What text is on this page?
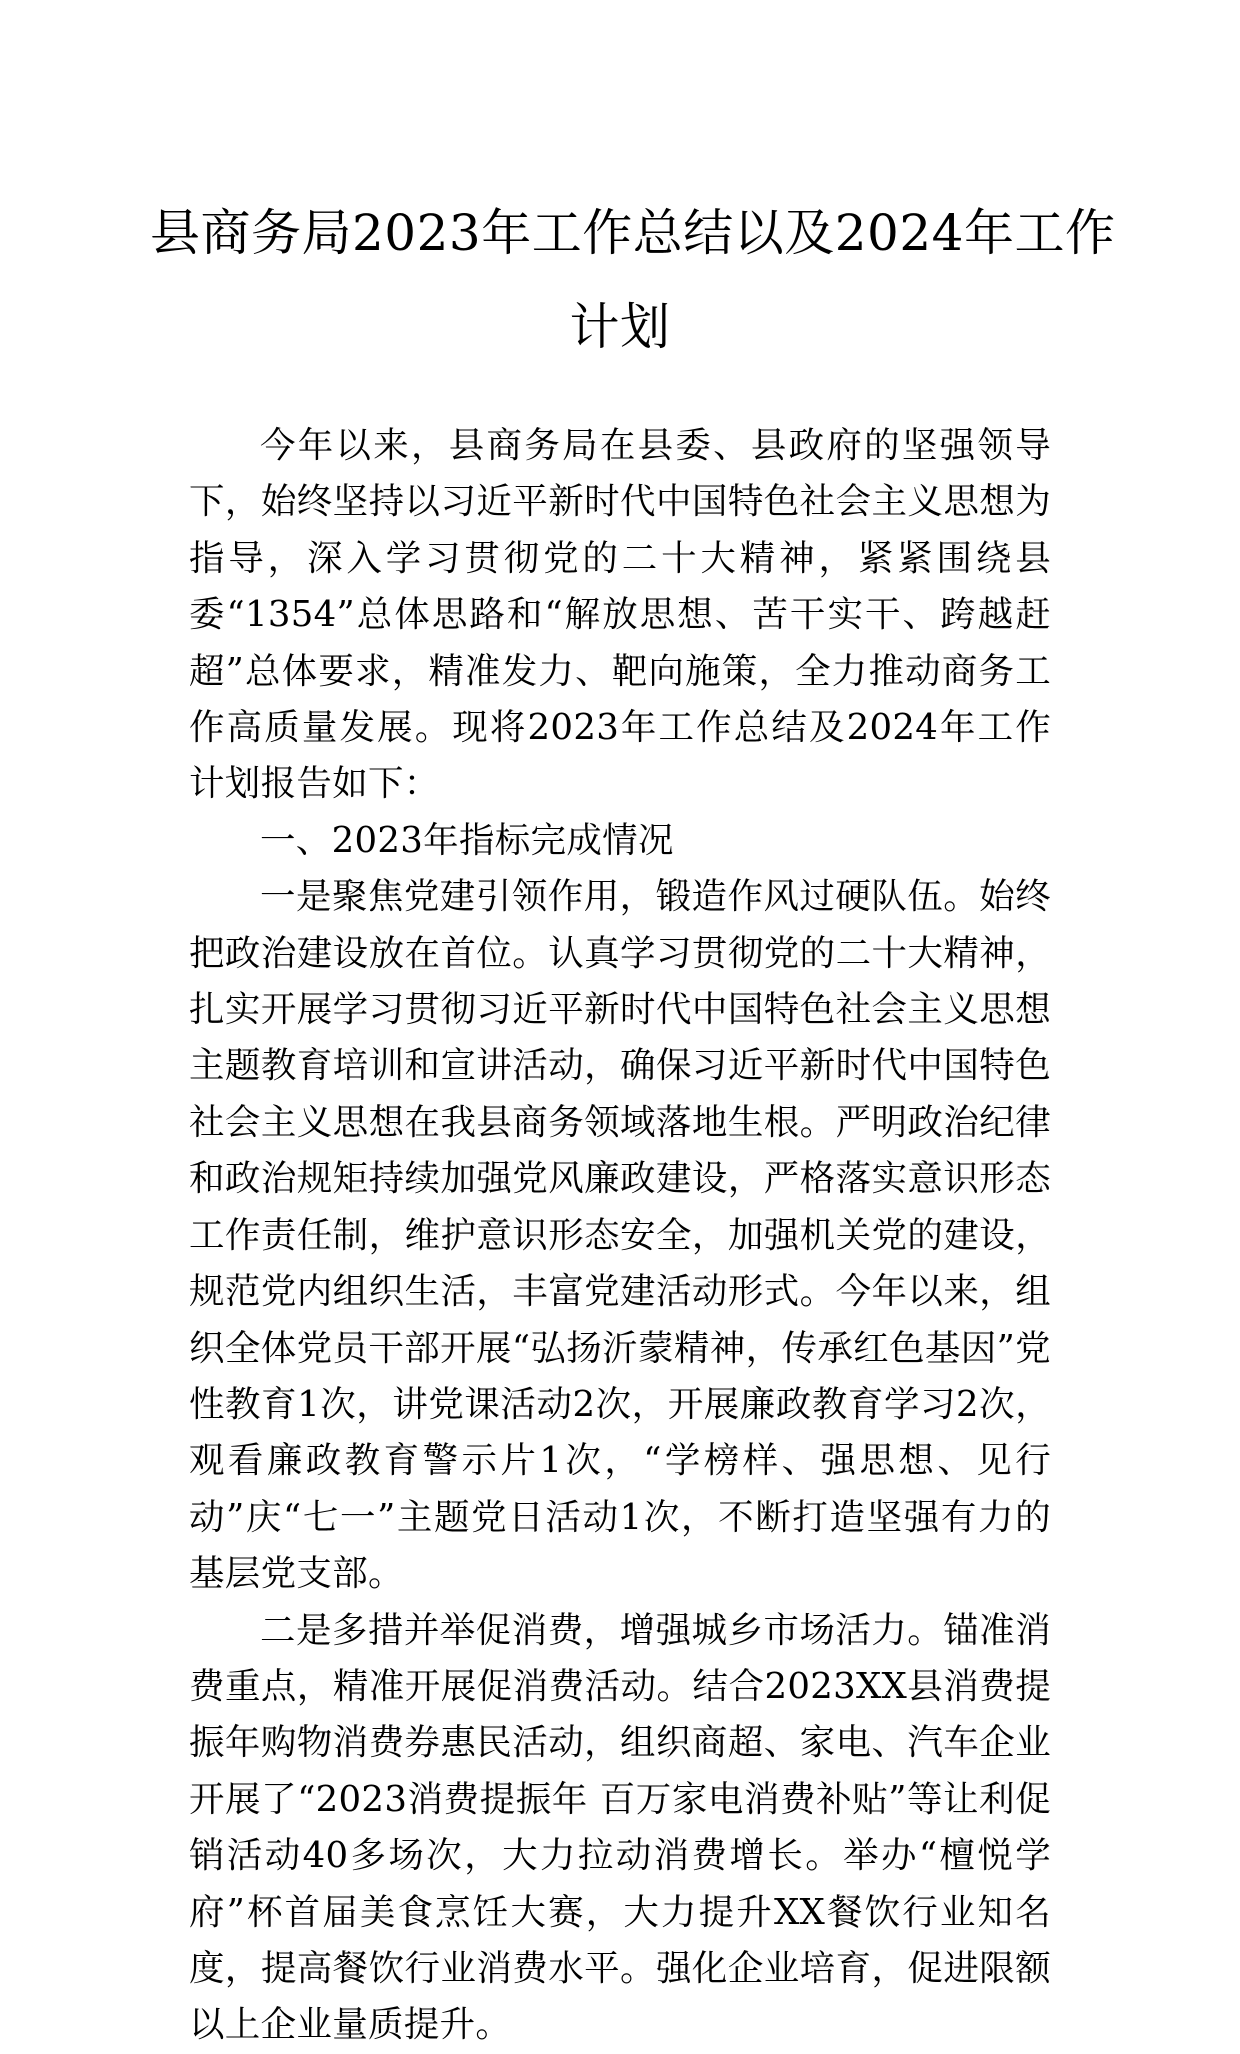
县商务局2023年工作总结以及2024年工作
计划

今年以来，县商务局在县委、县政府的坚强领导下，始终坚持以习近平新时代中国特色社会主义思想为指导，深入学习贯彻党的二十大精神，紧紧围绕县委“1354”总体思路和“解放思想、苦干实干、跨越赶超”总体要求，精准发力、靶向施策，全力推动商务工作高质量发展。现将2023年工作总结及2024年工作计划报告如下：

一、2023年指标完成情况

一是聚焦党建引领作用，锻造作风过硬队伍。始终把政治建设放在首位。认真学习贯彻党的二十大精神，扎实开展学习贯彻习近平新时代中国特色社会主义思想主题教育培训和宣讲活动，确保习近平新时代中国特色社会主义思想在我县商务领域落地生根。严明政治纪律和政治规矩持续加强党风廉政建设，严格落实意识形态工作责任制，维护意识形态安全，加强机关党的建设，规范党内组织生活，丰富党建活动形式。今年以来，组织全体党员干部开展“弘扬沂蒙精神，传承红色基因”党性教育1次，讲党课活动2次，开展廉政教育学习2次，观看廉政教育警示片1次，“学榜样、强思想、见行动”庆“七一”主题党日活动1次，不断打造坚强有力的基层党支部。

二是多措并举促消费，增强城乡市场活力。锚准消费重点，精准开展促消费活动。结合2023XX县消费提振年购物消费券惠民活动，组织商超、家电、汽车企业开展了“2023消费提振年 百万家电消费补贴”等让利促销活动40多场次，大力拉动消费增长。举办“檀悦学府”杯首届美食烹饪大赛，大力提升XX餐饮行业知名度，提高餐饮行业消费水平。强化企业培育，促进限额以上企业量质提升。
